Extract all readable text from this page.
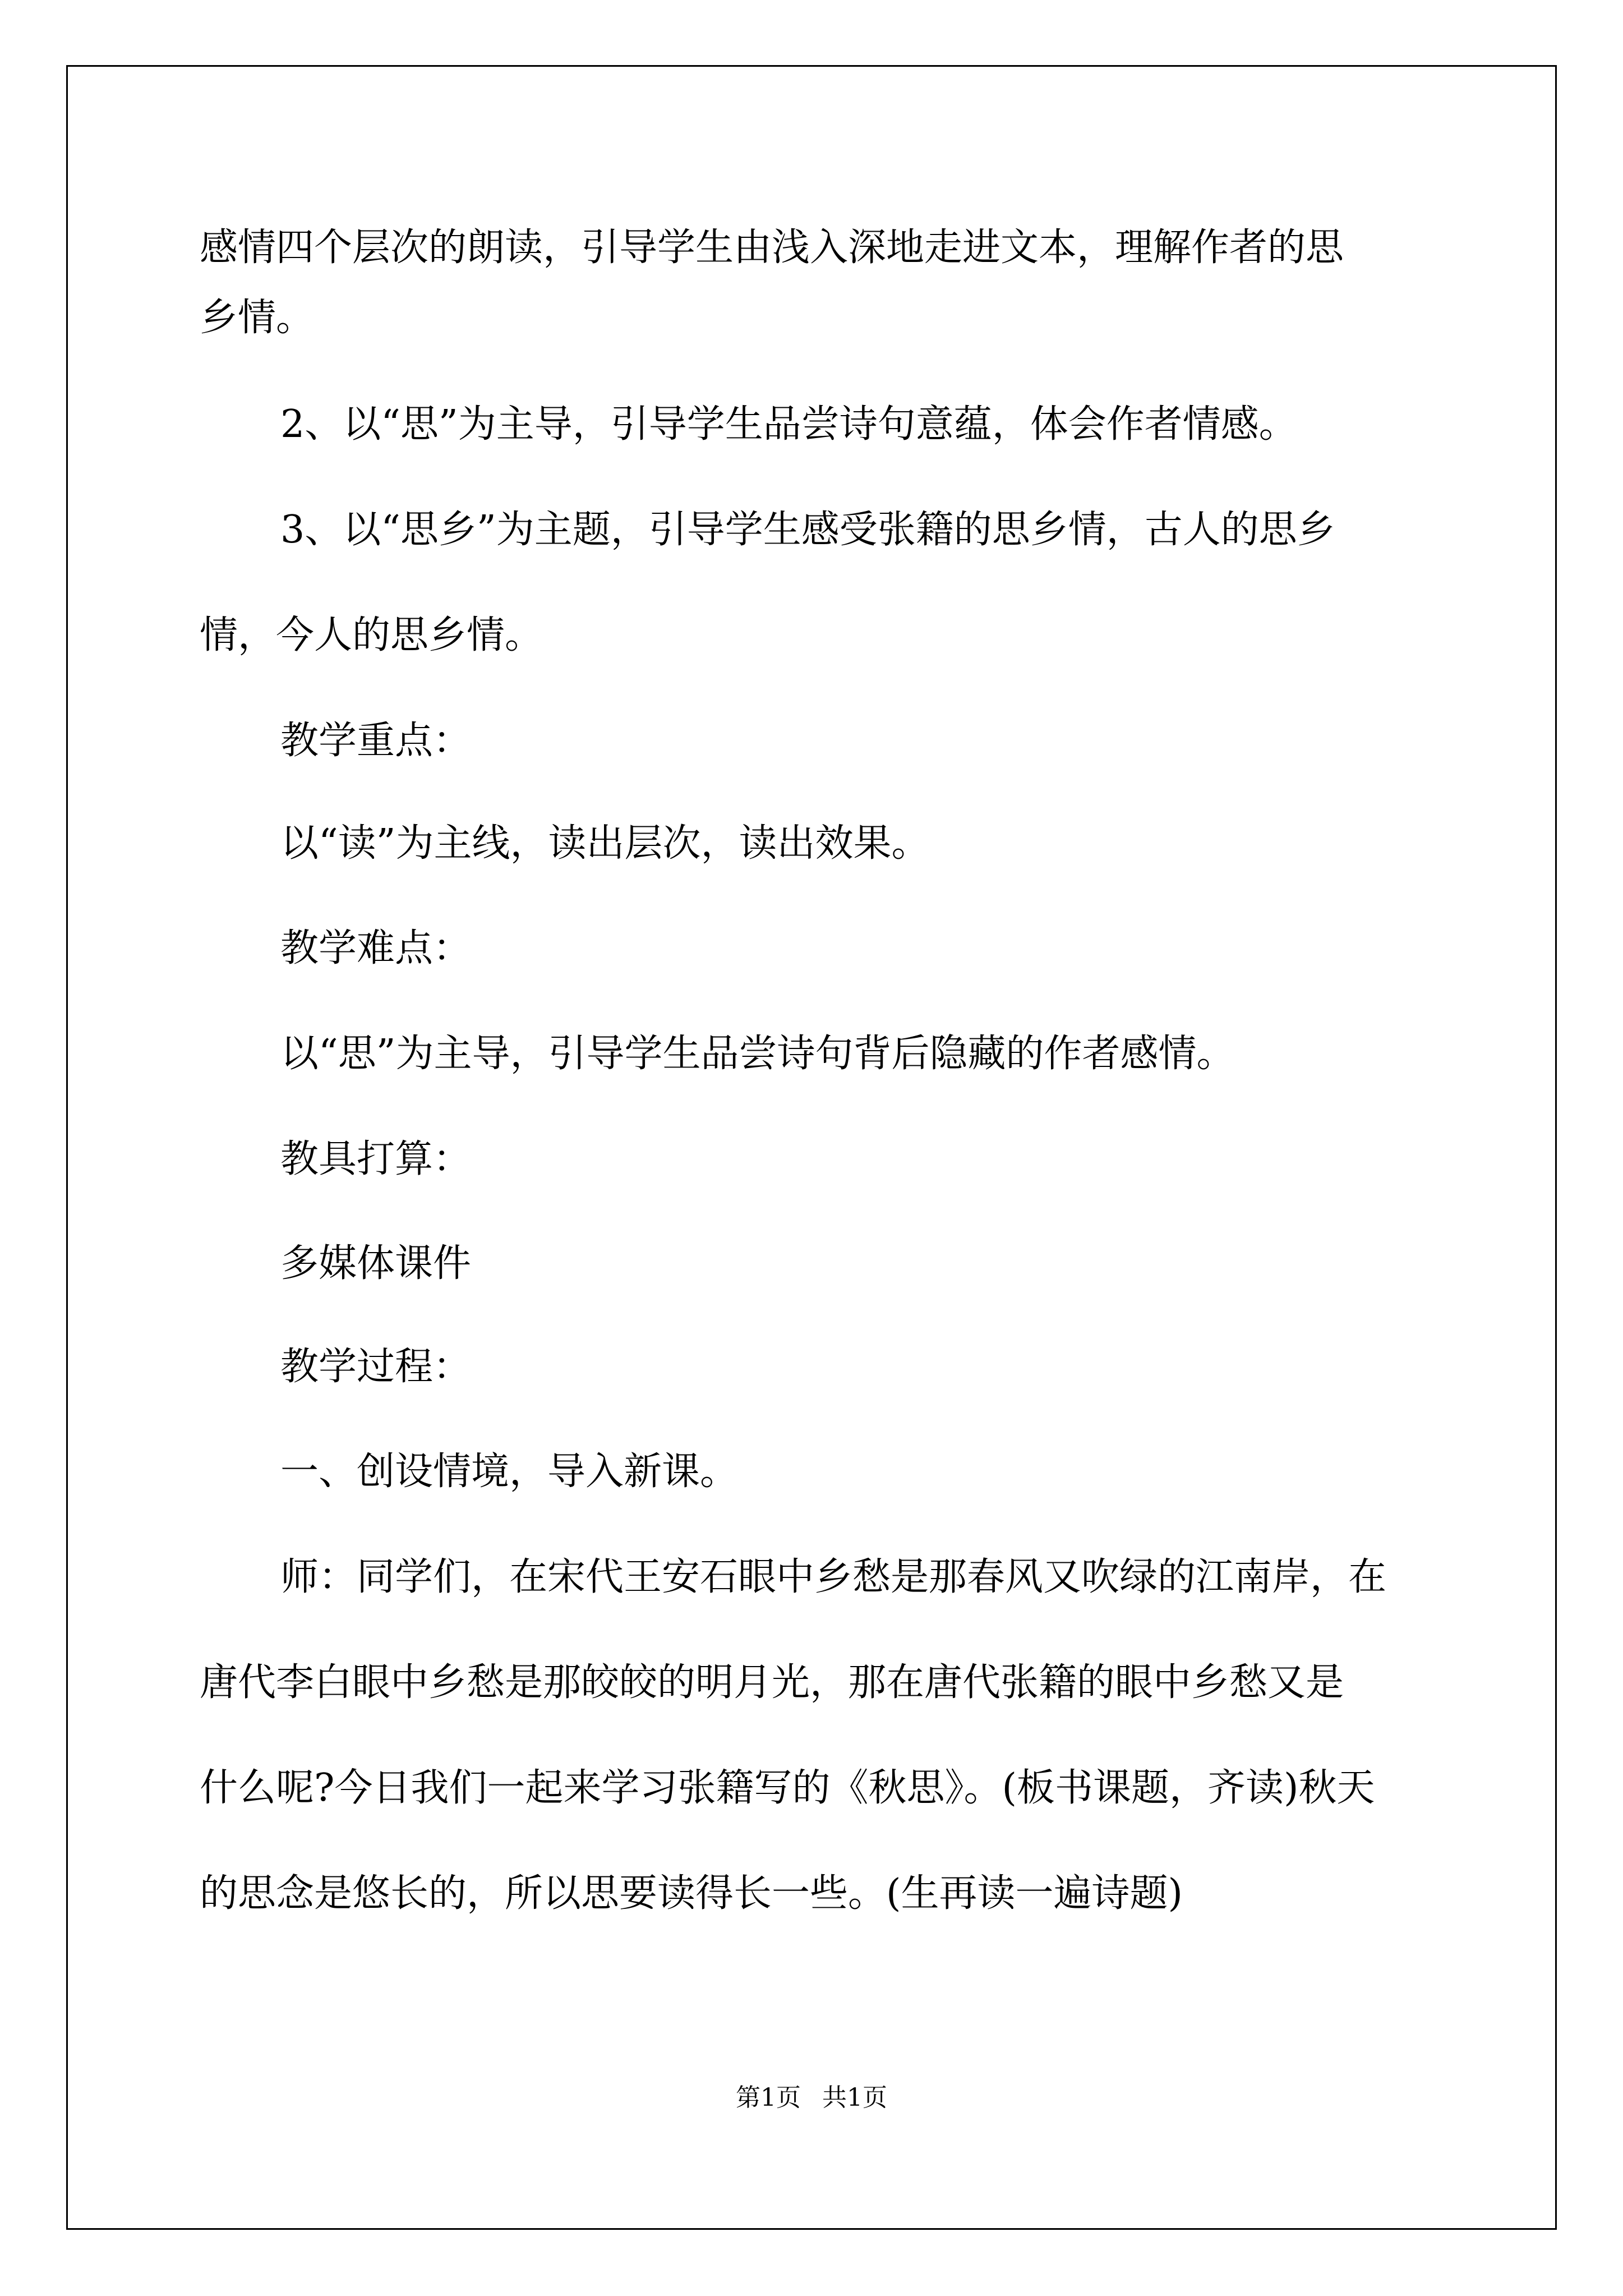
感情四个层次的朗读，引导学生由浅入深地走进文本，理解作者的思
乡情。
2、以“思”为主导，引导学生品尝诗句意蕴，体会作者情感。
3、以“思乡”为主题，引导学生感受张籍的思乡情，古人的思乡
情，今人的思乡情。
教学重点：
以“读”为主线，读出层次，读出效果。
教学难点：
以“思”为主导，引导学生品尝诗句背后隐藏的作者感情。
教具打算：
多媒体课件
教学过程：
一、创设情境，导入新课。
师：同学们，在宋代王安石眼中乡愁是那春风又吹绿的江南岸，在
唐代李白眼中乡愁是那皎皎的明月光，那在唐代张籍的眼中乡愁又是
什么呢?今日我们一起来学习张籍写的《秋思》。(板书课题，齐读)秋天
的思念是悠长的，所以思要读得长一些。(生再读一遍诗题)
第1页 共1页
